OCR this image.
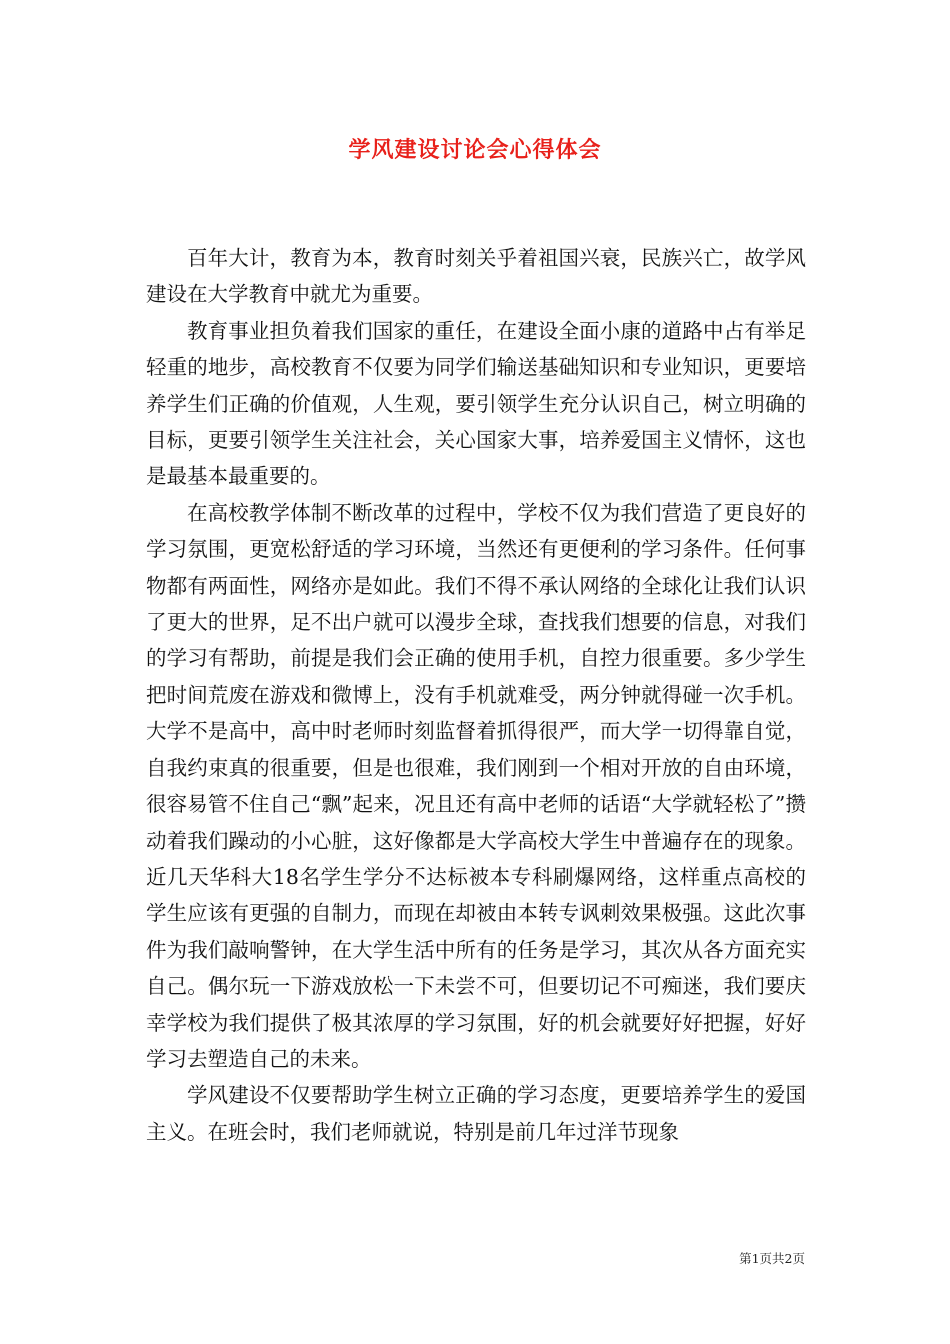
学风建设讨论会心得体会

百年大计，教育为本，教育时刻关乎着祖国兴衰，民族兴亡，故学风建设在大学教育中就尤为重要。

教育事业担负着我们国家的重任，在建设全面小康的道路中占有举足轻重的地步，高校教育不仅要为同学们输送基础知识和专业知识，更要培养学生们正确的价值观，人生观，要引领学生充分认识自己，树立明确的目标，更要引领学生关注社会，关心国家大事，培养爱国主义情怀，这也是最基本最重要的。

在高校教学体制不断改革的过程中，学校不仅为我们营造了更良好的学习氛围，更宽松舒适的学习环境，当然还有更便利的学习条件。任何事物都有两面性，网络亦是如此。我们不得不承认网络的全球化让我们认识了更大的世界，足不出户就可以漫步全球，查找我们想要的信息，对我们的学习有帮助，前提是我们会正确的使用手机，自控力很重要。多少学生把时间荒废在游戏和微博上，没有手机就难受，两分钟就得碰一次手机。大学不是高中，高中时老师时刻监督着抓得很严，而大学一切得靠自觉，自我约束真的很重要，但是也很难，我们刚到一个相对开放的自由环境，很容易管不住自己“飘”起来，况且还有高中老师的话语“大学就轻松了”攒动着我们躁动的小心脏，这好像都是大学高校大学生中普遍存在的现象。近几天华科大18名学生学分不达标被本专科刷爆网络，这样重点高校的学生应该有更强的自制力，而现在却被由本转专讽刺效果极强。这此次事件为我们敲响警钟，在大学生活中所有的任务是学习，其次从各方面充实自己。偶尔玩一下游戏放松一下未尝不可，但要切记不可痴迷，我们要庆幸学校为我们提供了极其浓厚的学习氛围，好的机会就要好好把握，好好学习去塑造自己的未来。

学风建设不仅要帮助学生树立正确的学习态度，更要培养学生的爱国主义。在班会时，我们老师就说，特别是前几年过洋节现象

第1页共2页
